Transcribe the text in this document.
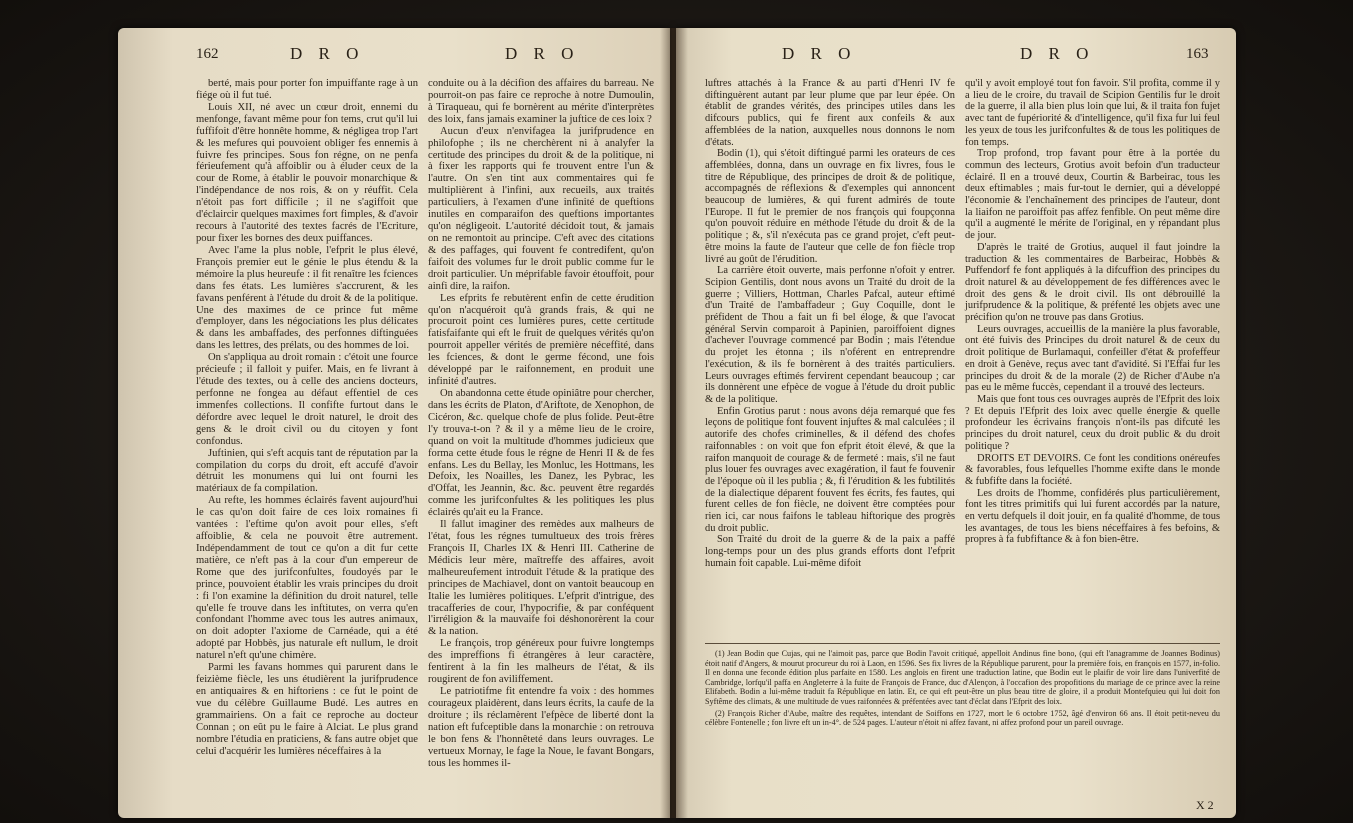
162	D R O	D R O	D R O	D R O	163

berté, mais pour porter fon impuiffante rage à un fiége où il fut tué.

Louis XII, né avec un cœur droit, ennemi du menfonge, favant même pour fon tems, crut qu'il lui fuffifoit d'être honnête homme, & négligea trop l'art & les mefures qui pouvoient obliger fes ennemis à fuivre fes principes. Sous fon régne, on ne penfa férieufement qu'à affoiblir ou à éluder ceux de la cour de Rome, à établir le pouvoir monarchique & l'indépendance de nos rois, & on y réuffit. Cela n'étoit pas fort difficile ; il ne s'agiffoit que d'éclaircir quelques maximes fort fimples, & d'avoir recours à l'autorité des textes facrés de l'Ecriture, pour fixer les bornes des deux puiffances.

Avec l'ame la plus noble, l'efprit le plus élevé, François premier eut le génie le plus étendu & la mémoire la plus heureufe : il fit renaître les fciences dans fes états. Les lumières s'accrurent, & les favans penférent à l'étude du droit & de la politique. Une des maximes de ce prince fut même d'employer, dans les négociations les plus délicates & dans les ambaffades, des perfonnes diftinguées dans les lettres, des prélats, ou des hommes de loi.

On s'appliqua au droit romain : c'étoit une fource précieufe ; il falloit y puifer. Mais, en fe livrant à l'étude des textes, ou à celle des anciens docteurs, perfonne ne fongea au défaut effentiel de ces immenfes collections. Il confifte furtout dans le défordre avec lequel le droit naturel, le droit des gens & le droit civil ou du citoyen y font confondus.

Juftinien, qui s'eft acquis tant de réputation par la compilation du corps du droit, eft accufé d'avoir détruit les monumens qui lui ont fourni les matériaux de fa compilation.

Au refte, les hommes éclairés favent aujourd'hui le cas qu'on doit faire de ces loix romaines fi vantées : l'eftime qu'on avoit pour elles, s'eft affoiblie, & cela ne pouvoit être autrement. Indépendamment de tout ce qu'on a dit fur cette matière, ce n'eft pas à la cour d'un empereur de Rome que des jurifconfultes, foudoyés par le prince, pouvoient établir les vrais principes du droit : fi l'on examine la définition du droit naturel, telle qu'elle fe trouve dans les inftitutes, on verra qu'en confondant l'homme avec tous les autres animaux, on doit adopter l'axiome de Carnéade, qui a été adopté par Hobbès, jus naturale eft nullum, le droit naturel n'eft qu'une chimère.

Parmi les favans hommes qui parurent dans le feizième fiècle, les uns étudièrent la jurifprudence en antiquaires & en hiftoriens : ce fut le point de vue du célèbre Guillaume Budé. Les autres en grammairiens. On a fait ce reproche au docteur Connan ; on eût pu le faire à Alciat. Le plus grand nombre l'étudia en praticiens, & fans autre objet que celui d'acquérir les lumières néceffaires à la

conduite ou à la décifion des affaires du barreau. Ne pourroit-on pas faire ce reproche à notre Dumoulin, à Tiraqueau, qui fe bornèrent au mérite d'interprètes des loix, fans jamais examiner la juftice de ces loix ?

Aucun d'eux n'envifagea la jurifprudence en philofophe ; ils ne cherchèrent ni à analyfer la certitude des principes du droit & de la politique, ni à fixer les rapports qui fe trouvent entre l'un & l'autre. On s'en tint aux commentaires qui fe multiplièrent à l'infini, aux recueils, aux traités particuliers, à l'examen d'une infinité de queftions inutiles en comparaifon des queftions importantes qu'on négligeoit. L'autorité décidoit tout, & jamais on ne remontoit au principe. C'eft avec des citations & des paffages, qui fouvent fe contredifent, qu'on faifoit des volumes fur le droit public comme fur le droit particulier. Un méprifable favoir étouffoit, pour ainfi dire, la raifon.

Les efprits fe rebutèrent enfin de cette érudition qu'on n'acquéroit qu'à grands frais, & qui ne procuroit point ces lumières pures, cette certitude fatisfaifante qui eft le fruit de quelques vérités qu'on pourroit appeller vérités de première néceffité, dans les fciences, & dont le germe fécond, une fois développé par le raifonnement, en produit une infinité d'autres.

On abandonna cette étude opiniâtre pour chercher, dans les écrits de Platon, d'Ariftote, de Xenophon, de Cicéron, &c. quelque chofe de plus folide. Peut-être l'y trouva-t-on ? & il y a même lieu de le croire, quand on voit la multitude d'hommes judicieux que forma cette étude fous le régne de Henri II & de fes enfans. Les du Bellay, les Monluc, les Hottmans, les Defoix, les Noailles, les Danez, les Pybrac, les d'Offat, les Jeannin, &c. &c. peuvent être regardés comme les jurifconfultes & les politiques les plus éclairés qu'ait eu la France.

Il fallut imaginer des remèdes aux malheurs de l'état, fous les régnes tumultueux des trois frères François II, Charles IX & Henri III. Catherine de Médicis leur mère, maîtreffe des affaires, avoit malheureufement introduit l'étude & la pratique des principes de Machiavel, dont on vantoit beaucoup en Italie les lumières politiques. L'efprit d'intrigue, des tracafferies de cour, l'hypocrifie, & par conféquent l'irréligion & la mauvaife foi déshonorèrent la cour & la nation.

Le françois, trop généreux pour fuivre longtemps des impreffions fi étrangères à leur caractère, fentirent à la fin les malheurs de l'état, & ils rougirent de fon aviliffement.

Le patriotifme fit entendre fa voix : des hommes courageux plaidèrent, dans leurs écrits, la caufe de la droiture ; ils réclamèrent l'efpèce de liberté dont la nation eft fufceptible dans la monarchie : on retrouva le bon fens & l'honnêteté dans leurs ouvrages. Le vertueux Mornay, le fage la Noue, le favant Bongars, tous les hommes il-

luftres attachés à la France & au parti d'Henri IV fe diftinguèrent autant par leur plume que par leur épée. On établit de grandes vérités, des principes utiles dans les difcours publics, qui fe firent aux confeils & aux affemblées de la nation, auxquelles nous donnons le nom d'états.

Bodin (1), qui s'étoit diftingué parmi les orateurs de ces affemblées, donna, dans un ouvrage en fix livres, fous le titre de République, des principes de droit & de politique, accompagnés de réflexions & d'exemples qui annoncent beaucoup de lumières, & qui furent admirés de toute l'Europe. Il fut le premier de nos françois qui foupçonna qu'on pouvoit réduire en méthode l'étude du droit & de la politique ; &, s'il n'exécuta pas ce grand projet, c'eft peut-être moins la faute de l'auteur que celle de fon fiècle trop livré au goût de l'érudition.

La carrière étoit ouverte, mais perfonne n'ofoit y entrer. Scipion Gentilis, dont nous avons un Traité du droit de la guerre ; Villiers, Hottman, Charles Pafcal, auteur eftimé d'un Traité de l'ambaffadeur ; Guy Coquille, dont le préfident de Thou a fait un fi bel éloge, & que l'avocat général Servin comparoit à Papinien, paroiffoient dignes d'achever l'ouvrage commencé par Bodin ; mais l'étendue du projet les étonna ; ils n'oférent en entreprendre l'exécution, & ils fe bornèrent à des traités particuliers. Leurs ouvrages eftimés fervirent cependant beaucoup ; car ils donnèrent une efpèce de vogue à l'étude du droit public & de la politique.

Enfin Grotius parut : nous avons déja remarqué que fes leçons de politique font fouvent injuftes & mal calculées ; il autorife des chofes criminelles, & il défend des chofes raifonnables : on voit que fon efprit étoit élevé, & que la raifon manquoit de courage & de fermeté : mais, s'il ne faut plus louer fes ouvrages avec exagération, il faut fe fouvenir de l'époque où il les publia ; &, fi l'érudition & les fubtilités de la dialectique déparent fouvent fes écrits, fes fautes, qui furent celles de fon fiècle, ne doivent être comptées pour rien ici, car nous faifons le tableau hiftorique des progrès du droit public.

Son Traité du droit de la guerre & de la paix a paffé long-temps pour un des plus grands efforts dont l'efprit humain foit capable. Lui-même difoit

qu'il y avoit employé tout fon favoir. S'il profita, comme il y a lieu de le croire, du travail de Scipion Gentilis fur le droit de la guerre, il alla bien plus loin que lui, & il traita fon fujet avec tant de fupériorité & d'intelligence, qu'il fixa fur lui feul les yeux de tous les jurifconfultes & de tous les politiques de fon temps.

Trop profond, trop favant pour être à la portée du commun des lecteurs, Grotius avoit befoin d'un traducteur éclairé. Il en a trouvé deux, Courtin & Barbeirac, tous les deux eftimables ; mais fur-tout le dernier, qui a développé l'économie & l'enchaînement des principes de l'auteur, dont la liaifon ne paroiffoit pas affez fenfible. On peut même dire qu'il a augmenté le mérite de l'original, en y répandant plus de jour.

D'après le traité de Grotius, auquel il faut joindre la traduction & les commentaires de Barbeirac, Hobbès & Puffendorf fe font appliqués à la difcuffion des principes du droit naturel & au développement de fes différences avec le droit des gens & le droit civil. Ils ont débrouillé la jurifprudence & la politique, & préfenté les objets avec une précifion qu'on ne trouve pas dans Grotius.

Leurs ouvrages, accueillis de la manière la plus favorable, ont été fuivis des Principes du droit naturel & de ceux du droit politique de Burlamaqui, confeiller d'état & profeffeur en droit à Genève, reçus avec tant d'avidité. Si l'Effai fur les principes du droit & de la morale (2) de Richer d'Aube n'a pas eu le même fuccès, cependant il a trouvé des lecteurs.

Mais que font tous ces ouvrages auprès de l'Efprit des loix ? Et depuis l'Efprit des loix avec quelle énergie & quelle profondeur les écrivains françois n'ont-ils pas difcuté les principes du droit naturel, ceux du droit public & du droit politique ?

DROITS ET DEVOIRS. Ce font les conditions onéreufes & favorables, fous lefquelles l'homme exifte dans le monde & fubfifte dans la fociété.

Les droits de l'homme, confidérés plus particulièrement, font les titres primitifs qui lui furent accordés par la nature, en vertu defquels il doit jouir, en fa qualité d'homme, de tous les avantages, de tous les biens néceffaires à fes befoins, & propres à fa fubfiftance & à fon bien-être.

(1) Jean Bodin que Cujas, qui ne l'aimoit pas, parce que Bodin l'avoit critiqué, appelloit Andinus fine bono, (qui eft l'anagramme de Joannes Bodinus) étoit natif d'Angers, & mourut procureur du roi à Laon, en 1596. Ses fix livres de la République parurent, pour la première fois, en françois en 1577, in-folio. Il en donna une feconde édition plus parfaite en 1580. Les anglois en firent une traduction latine, que Bodin eut le plaifir de voir lire dans l'univerfité de Cambridge, lorfqu'il paffa en Angleterre à la fuite de François de France, duc d'Alençon, à l'occafion des propofitions du mariage de ce prince avec la reine Elifabeth. Bodin a lui-même traduit fa République en latin. Et, ce qui eft peut-être un plus beau titre de gloire, il a produit Montefquieu qui lui doit fon Syftême des climats, & une multitude de vues raifonnées & préfentées avec tant d'éclat dans l'Efprit des loix.

(2) François Richer d'Aube, maître des requêtes, intendant de Soiffons en 1727, mort le 6 octobre 1752, âgé d'environ 66 ans. Il étoit petit-neveu du célèbre Fontenelle ; fon livre eft un in-4°. de 524 pages. L'auteur n'étoit ni affez favant, ni affez profond pour un pareil ouvrage.

X 2
